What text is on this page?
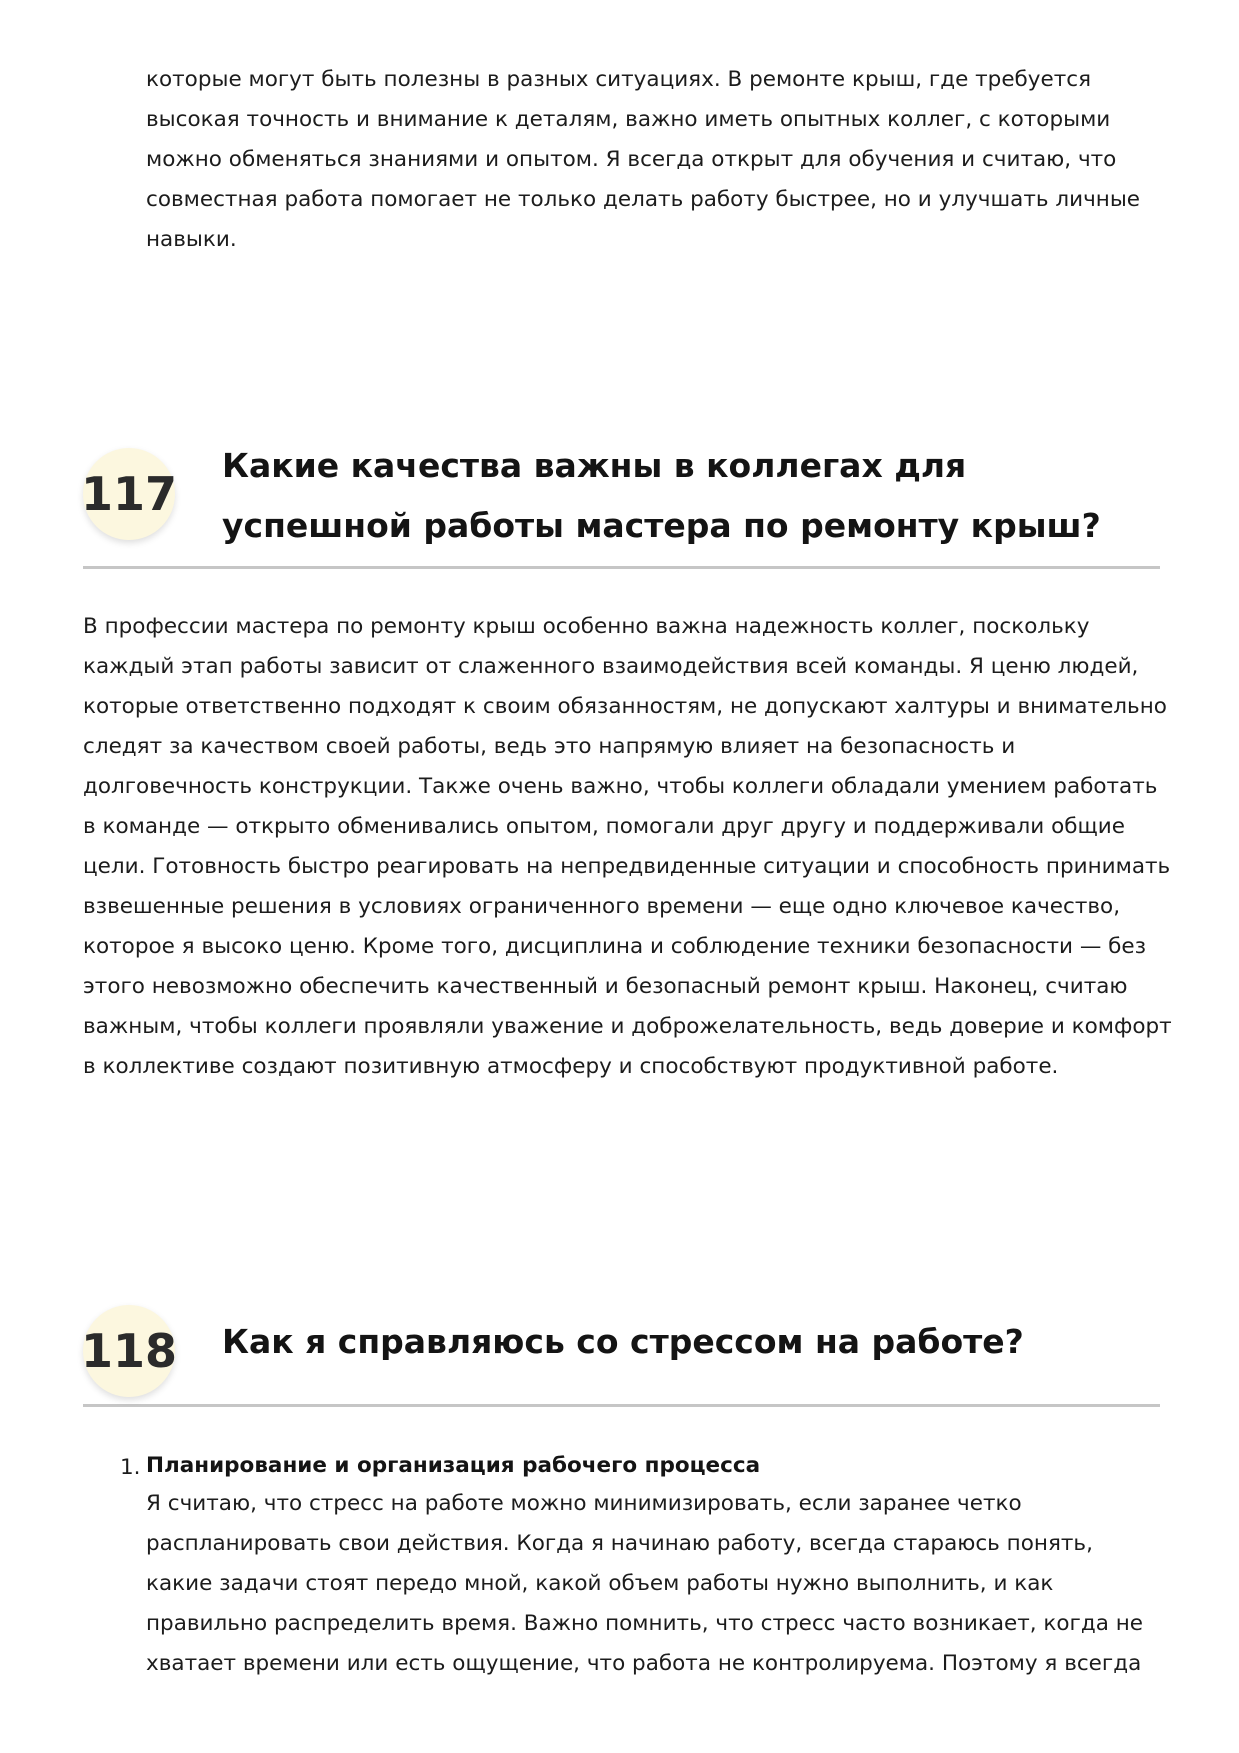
которые могут быть полезны в разных ситуациях. В ремонте крыш, где требуется высокая точность и внимание к деталям, важно иметь опытных коллег, с которыми можно обменяться знаниями и опытом. Я всегда открыт для обучения и считаю, что совместная работа помогает не только делать работу быстрее, но и улучшать личные навыки.

117
Какие качества важны в коллегах для успешной работы мастера по ремонту крыш?

В профессии мастера по ремонту крыш особенно важна надежность коллег, поскольку каждый этап работы зависит от слаженного взаимодействия всей команды. Я ценю людей, которые ответственно подходят к своим обязанностям, не допускают халтуры и внимательно следят за качеством своей работы, ведь это напрямую влияет на безопасность и долговечность конструкции. Также очень важно, чтобы коллеги обладали умением работать в команде — открыто обменивались опытом, помогали друг другу и поддерживали общие цели. Готовность быстро реагировать на непредвиденные ситуации и способность принимать взвешенные решения в условиях ограниченного времени — еще одно ключевое качество, которое я высоко ценю. Кроме того, дисциплина и соблюдение техники безопасности — без этого невозможно обеспечить качественный и безопасный ремонт крыш. Наконец, считаю важным, чтобы коллеги проявляли уважение и доброжелательность, ведь доверие и комфорт в коллективе создают позитивную атмосферу и способствуют продуктивной работе.

118 Как я справляюсь со стрессом на работе?
1. Планирование и организация рабочего процесса
Я считаю, что стресс на работе можно минимизировать, если заранее четко распланировать свои действия. Когда я начинаю работу, всегда стараюсь понять, какие задачи стоят передо мной, какой объем работы нужно выполнить, и как правильно распределить время. Важно помнить, что стресс часто возникает, когда не хватает времени или есть ощущение, что работа не контролируема. Поэтому я всегда
